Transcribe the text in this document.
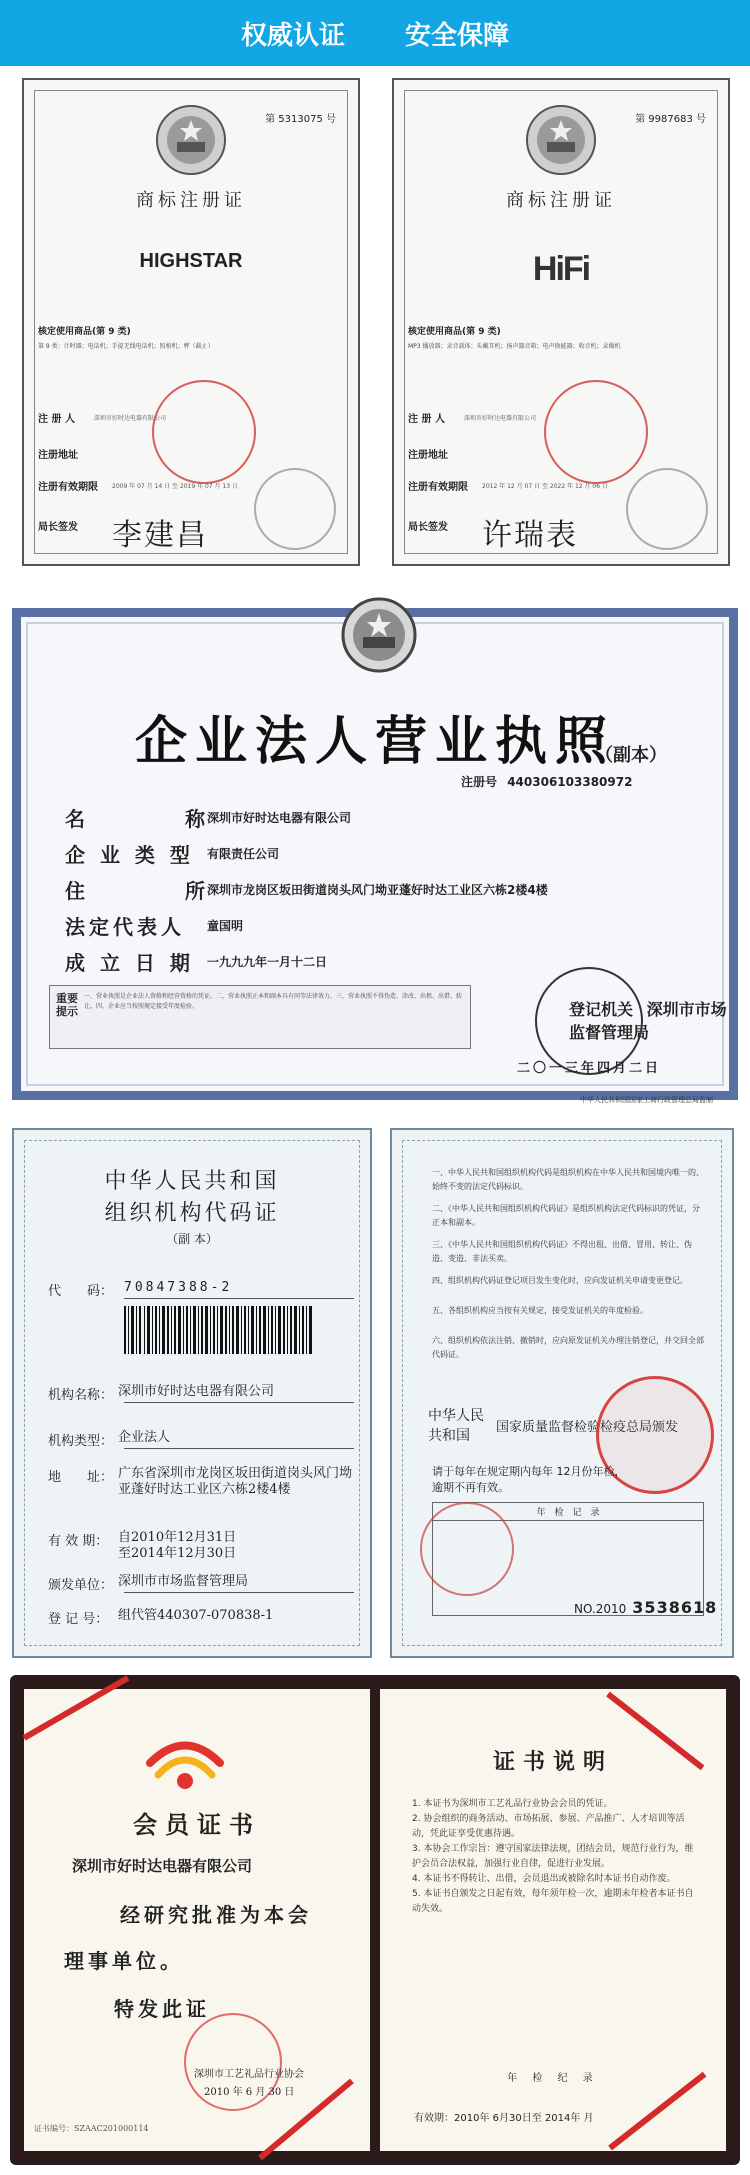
权威认证 安全保障
第 5313075 号
商标注册证
HIGHSTAR
核定使用商品(第 9 类)
第 9 类：计时器；电话机；手提无线电话机；照相机；秤（截止）
注 册 人	深圳市好时达电器有限公司
注册地址
注册有效期限 2009 年 07 月 14 日 至 2019 年 07 月 13 日
局长签发 李建昌
第 9987683 号
商标注册证
HiFi
核定使用商品(第 9 类)
MP3 播放器；录音载体；头戴耳机；扬声器音箱；电声换能器；收音机；录像机
注 册 人	深圳市好时达电器有限公司
注册地址
注册有效期限 2012 年 12 月 07 日 至 2022 年 12 月 06 日
局长签发 许瑞表
企业法人营业执照
（副本）
注册号 440306103380972
名　　　　称
深圳市好时达电器有限公司
企 业 类 型 有限责任公司
住　　　　所
深圳市龙岗区坂田街道岗头风门坳亚蓬好时达工业区六栋2楼4楼
法定代表人 童国明
成 立 日 期 一九九九年一月十二日
重要提示
一、营业执照是企业法人资格和经营资格的凭证。二、营业执照正本和副本具有同等法律效力。三、营业执照不得伪造、涂改、出租、出借、转让。四、企业应当按照规定接受年度检验。	登记机关 深圳市市场监督管理局
二〇一三年四月二日
中华人民共和国国家工商行政管理总局监制
中华人民共和国
组织机构代码证
（副 本）
代　　码： 70847388-2
机构名称： 深圳市好时达电器有限公司
机构类型： 企业法人
地　　址： 广东省深圳市龙岗区坂田街道岗头风门坳亚蓬好时达工业区六栋2楼4楼
有 效 期： 自2010年12月31日至2014年12月30日
颁发单位： 深圳市市场监督管理局
登 记 号： 组代管440307-070838-1
一、中华人民共和国组织机构代码是组织机构在中华人民共和国境内唯一的、始终不变的法定代码标识。
二、《中华人民共和国组织机构代码证》是组织机构法定代码标识的凭证，分正本和副本。
三、《中华人民共和国组织机构代码证》不得出租、出借、冒用、转让、伪造、变造、非法买卖。
四、组织机构代码证登记项目发生变化时，应向发证机关申请变更登记。
五、各组织机构应当按有关规定，接受发证机关的年度检验。
六、组织机构依法注销、撤销时，应向原发证机关办理注销登记，并交回全部代码证。
中华人民
共和国
国家质量监督检验检疫总局颁发
请于每年在规定期内每年 12月份年检，
逾期不再有效。
年　检　记　录
NO.2010 3538618
会员证书
深圳市好时达电器有限公司
经研究批准为本会
理事单位。
特发此证
深圳市工艺礼品行业协会
2010 年 6 月 30 日
证书编号：SZAAC201000114
证书说明
1. 本证书为深圳市工艺礼品行业协会会员的凭证。
2. 协会组织的商务活动、市场拓展、参展、产品推广、人才培训等活动，凭此证享受优惠待遇。
3. 本协会工作宗旨：遵守国家法律法规，团结会员，规范行业行为，维护会员合法权益，加强行业自律，促进行业发展。
4. 本证书不得转让、出借，会员退出或被除名时本证书自动作废。
5. 本证书自颁发之日起有效，每年须年检一次，逾期未年检者本证书自动失效。
年 检 纪 录
有效期：2010年 6月30日至 2014年 月
